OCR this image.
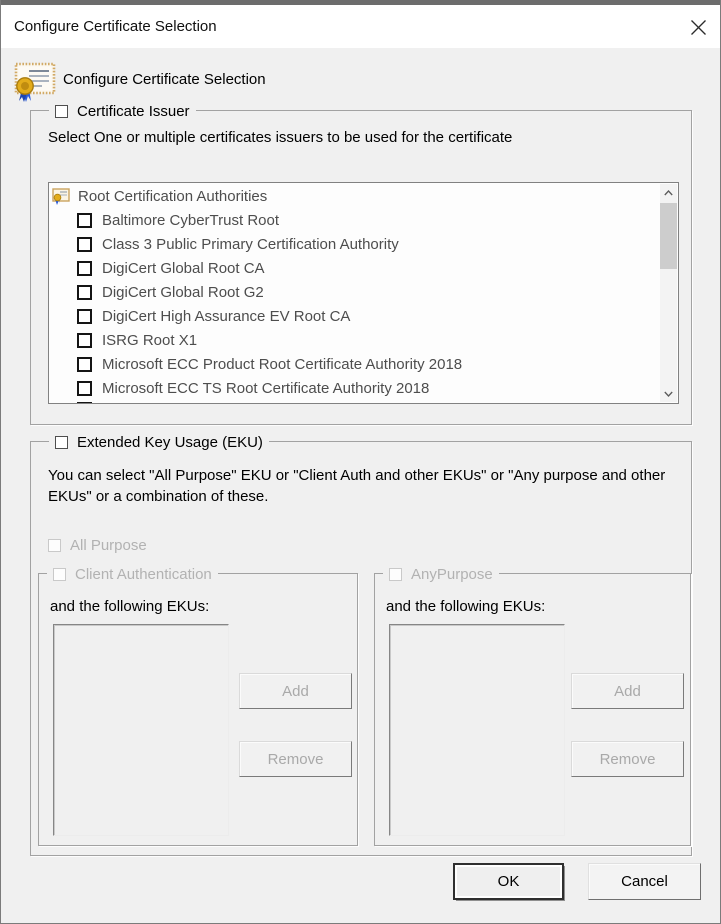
Configure Certificate Selection
Configure Certificate Selection
Certificate Issuer
Select One or multiple certificates issuers to be used for the certificate
Root Certification Authorities
Baltimore CyberTrust Root
Class 3 Public Primary Certification Authority
DigiCert Global Root CA
DigiCert Global Root G2
DigiCert High Assurance EV Root CA
ISRG Root X1
Microsoft ECC Product Root Certificate Authority 2018
Microsoft ECC TS Root Certificate Authority 2018
Extended Key Usage (EKU)
You can select "All Purpose" EKU or "Client Auth and other EKUs" or "Any purpose and other EKUs" or a combination of these.
All Purpose
Client Authentication
and the following EKUs:
Add
Remove
AnyPurpose
and the following EKUs:
Add
Remove
OK	Cancel
